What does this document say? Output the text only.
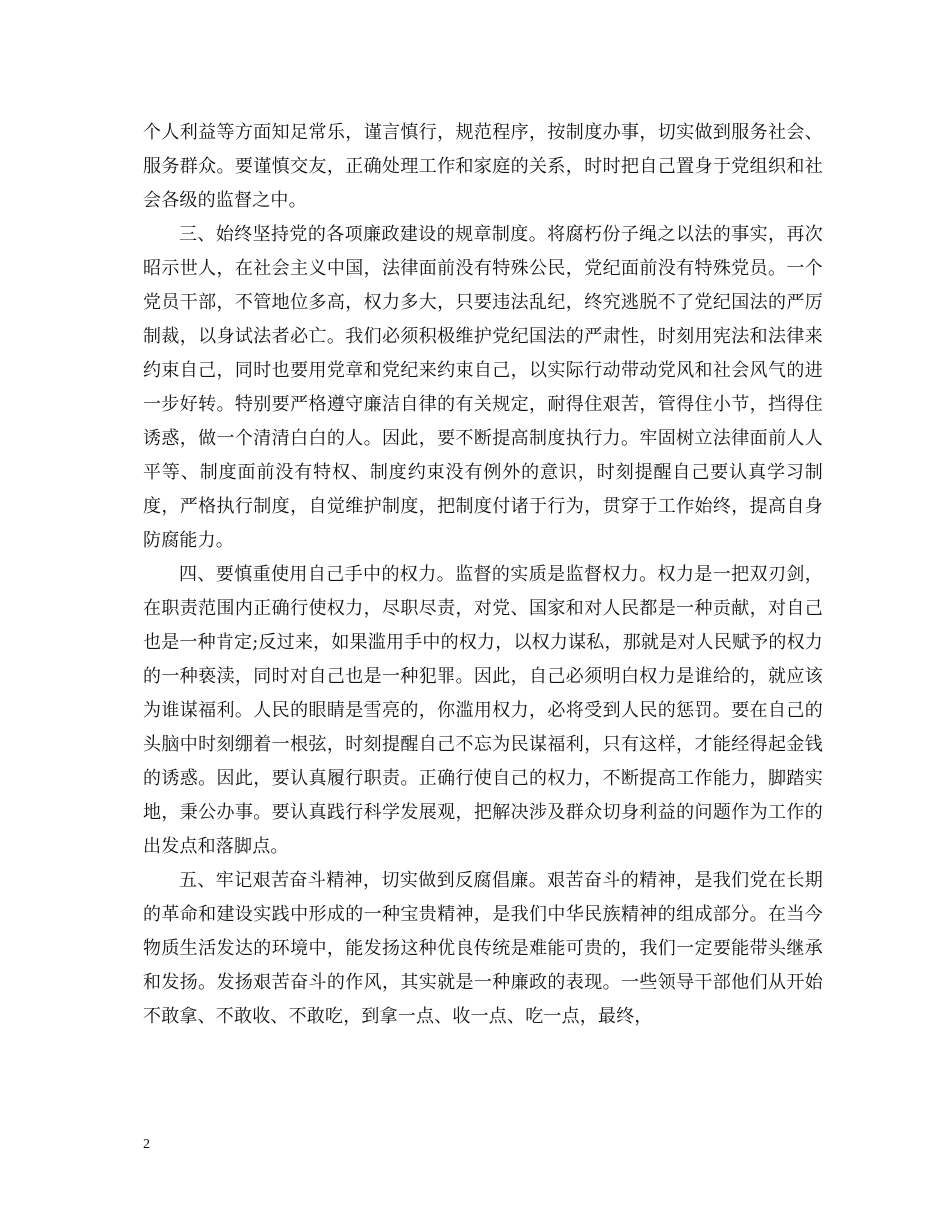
个人利益等方面知足常乐，谨言慎行，规范程序，按制度办事，切实做到服务社会、服务群众。要谨慎交友，正确处理工作和家庭的关系，时时把自己置身于党组织和社会各级的监督之中。

三、始终坚持党的各项廉政建设的规章制度。将腐朽份子绳之以法的事实，再次昭示世人，在社会主义中国，法律面前没有特殊公民，党纪面前没有特殊党员。一个党员干部，不管地位多高，权力多大，只要违法乱纪，终究逃脱不了党纪国法的严厉制裁，以身试法者必亡。我们必须积极维护党纪国法的严肃性，时刻用宪法和法律来约束自己，同时也要用党章和党纪来约束自己，以实际行动带动党风和社会风气的进一步好转。特别要严格遵守廉洁自律的有关规定，耐得住艰苦，管得住小节，挡得住诱惑，做一个清清白白的人。因此，要不断提高制度执行力。牢固树立法律面前人人平等、制度面前没有特权、制度约束没有例外的意识，时刻提醒自己要认真学习制度，严格执行制度，自觉维护制度，把制度付诸于行为，贯穿于工作始终，提高自身防腐能力。

四、要慎重使用自己手中的权力。监督的实质是监督权力。权力是一把双刃剑，在职责范围内正确行使权力，尽职尽责，对党、国家和对人民都是一种贡献，对自己也是一种肯定;反过来，如果滥用手中的权力，以权力谋私，那就是对人民赋予的权力的一种亵渎，同时对自己也是一种犯罪。因此，自己必须明白权力是谁给的，就应该为谁谋福利。人民的眼睛是雪亮的，你滥用权力，必将受到人民的惩罚。要在自己的头脑中时刻绷着一根弦，时刻提醒自己不忘为民谋福利，只有这样，才能经得起金钱的诱惑。因此，要认真履行职责。正确行使自己的权力，不断提高工作能力，脚踏实地，秉公办事。要认真践行科学发展观，把解决涉及群众切身利益的问题作为工作的出发点和落脚点。

五、牢记艰苦奋斗精神，切实做到反腐倡廉。艰苦奋斗的精神，是我们党在长期的革命和建设实践中形成的一种宝贵精神，是我们中华民族精神的组成部分。在当今物质生活发达的环境中，能发扬这种优良传统是难能可贵的，我们一定要能带头继承和发扬。发扬艰苦奋斗的作风，其实就是一种廉政的表现。一些领导干部他们从开始不敢拿、不敢收、不敢吃，到拿一点、收一点、吃一点，最终，

2
